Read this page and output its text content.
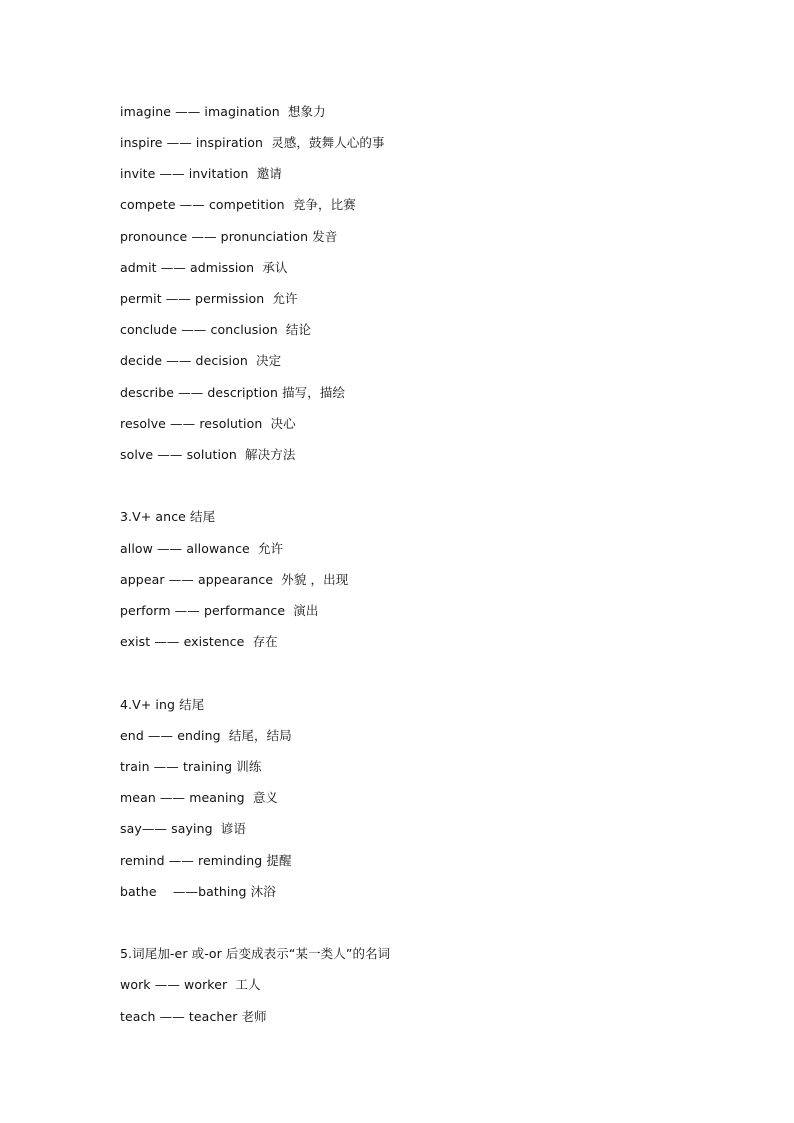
imagine —— imagination  想象力
inspire —— inspiration  灵感，鼓舞人心的事
invite —— invitation  邀请
compete —— competition  竞争，比赛
pronounce —— pronunciation 发音
admit —— admission  承认
permit —— permission  允许
conclude —— conclusion  结论
decide —— decision  决定
describe —— description 描写，描绘
resolve —— resolution  决心
solve —— solution  解决方法
3.V+ ance 结尾
allow —— allowance  允许
appear —— appearance  外貌 ，出现
perform —— performance  演出
exist —— existence  存在
4.V+ ing 结尾
end —— ending  结尾，结局
train —— training 训练
mean —— meaning  意义
say—— saying  谚语
remind —— reminding 提醒
bathe    ——bathing 沐浴
5.词尾加-er 或-or 后变成表示“某一类人”的名词
work —— worker  工人
teach —— teacher 老师
